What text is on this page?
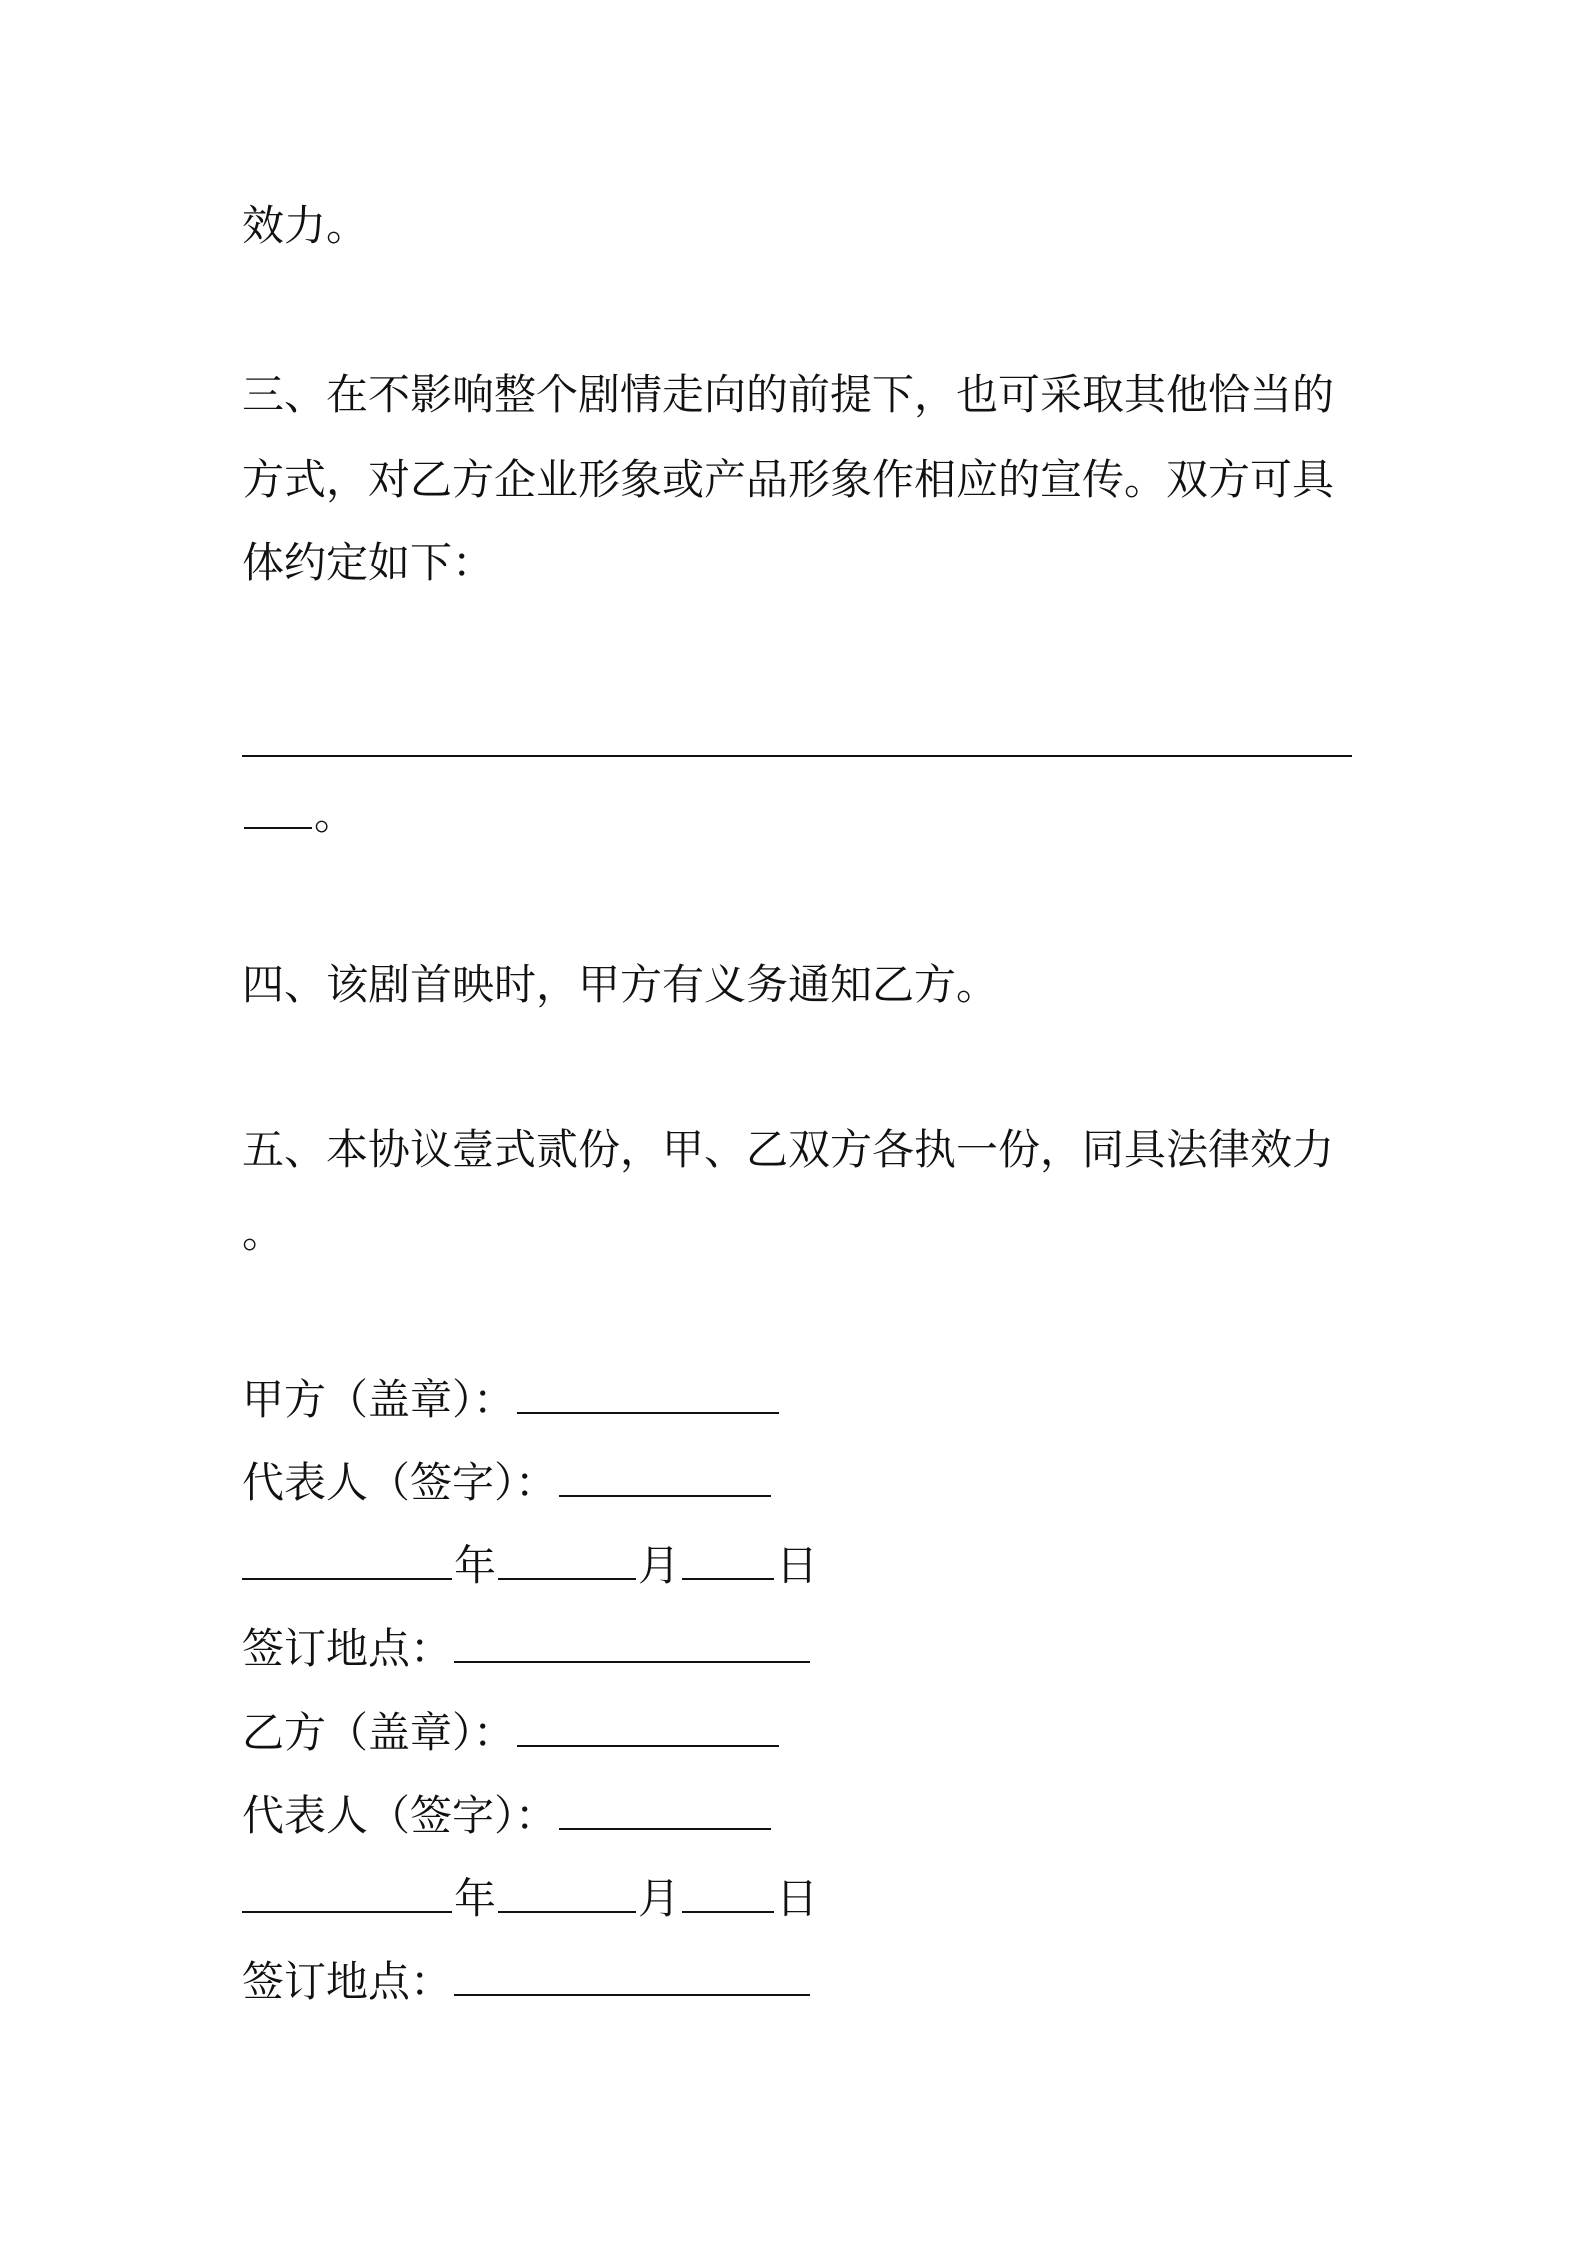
效力。
三、在不影响整个剧情走向的前提下，也可采取其他恰当的
方式，对乙方企业形象或产品形象作相应的宣传。双方可具
体约定如下：
。
四、该剧首映时，甲方有义务通知乙方。
五、本协议壹式贰份，甲、乙双方各执一份，同具法律效力
。
甲方（盖章）：
代表人（签字）：
年	月 日
签订地点：
乙方（盖章）：
代表人（签字）：
年	月 日
签订地点：
